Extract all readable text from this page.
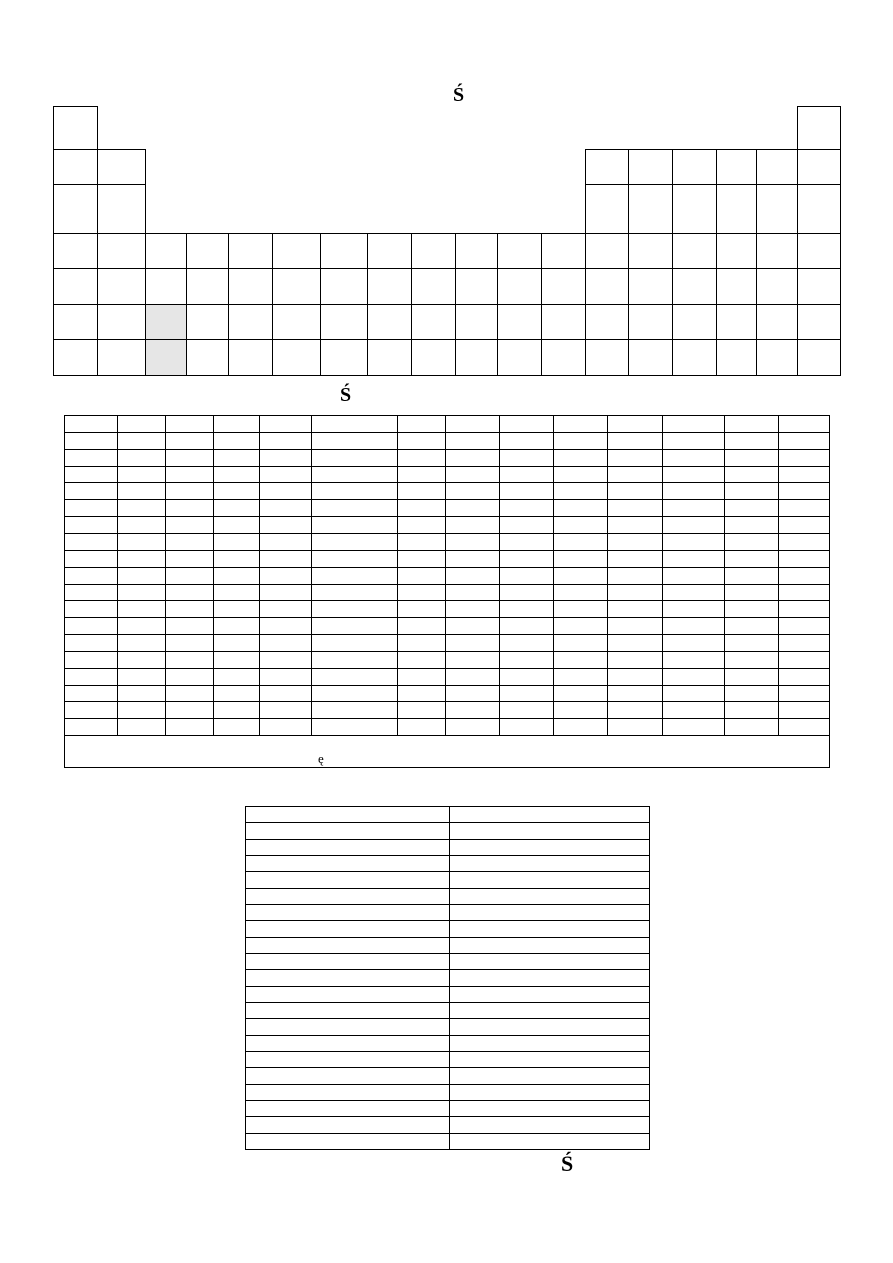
Ś
Ś
Ś
ę
